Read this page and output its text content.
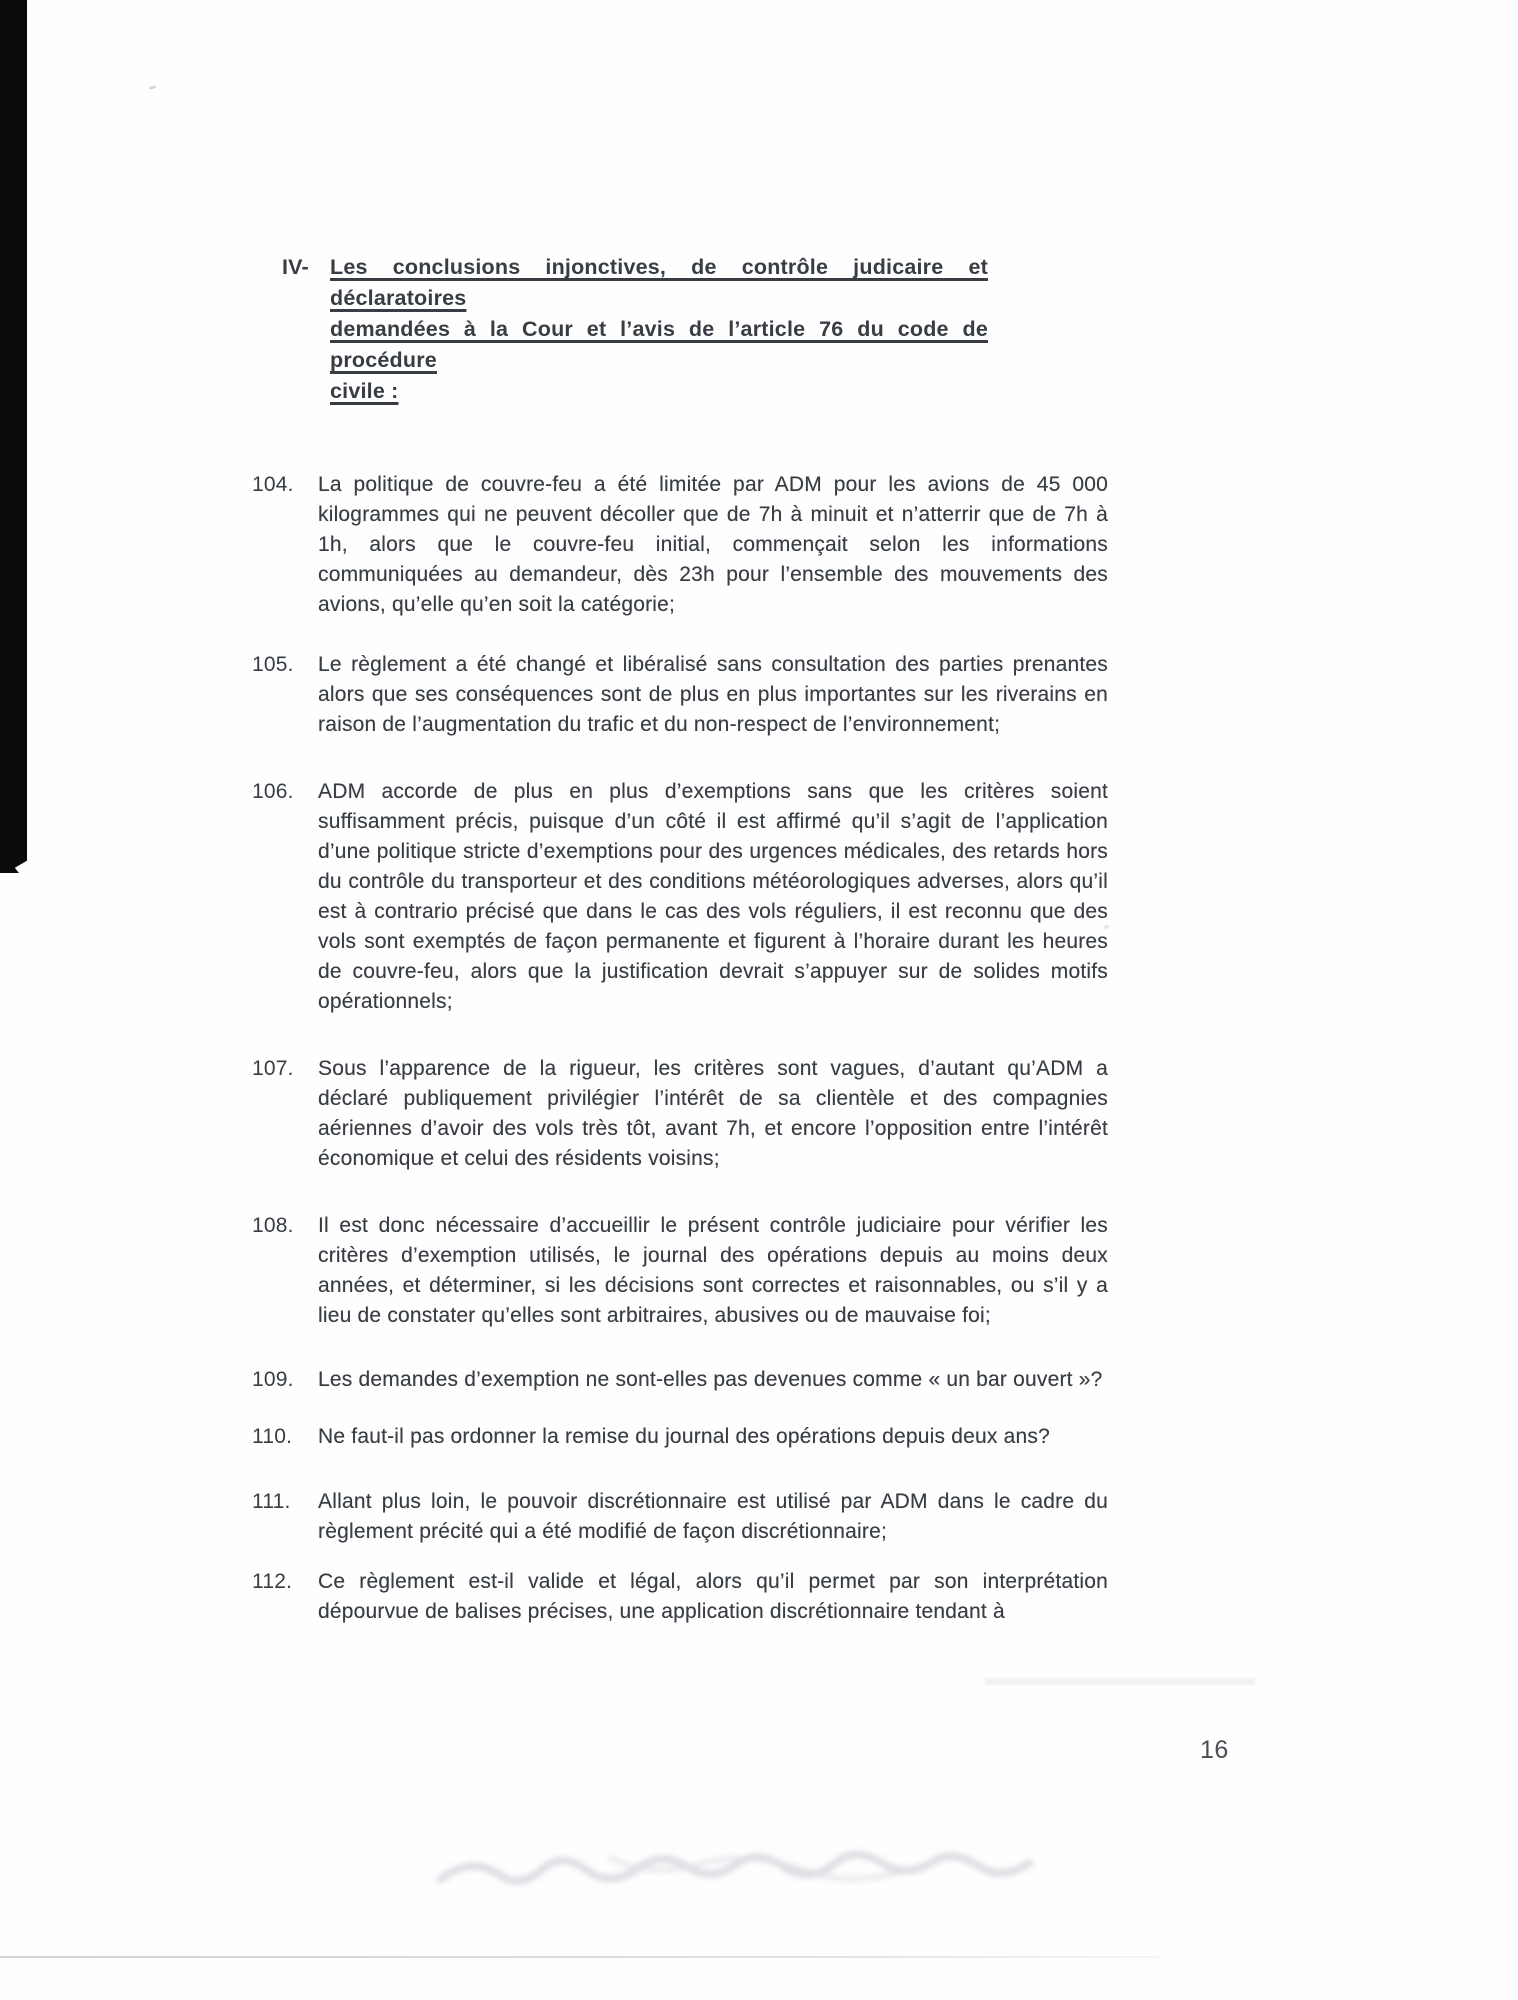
IV- Les conclusions injonctives, de contrôle judicaire et déclaratoires
demandées à la Cour et l’avis de l’article 76 du code de procédure
civile :
104.	La politique de couvre-feu a été limitée par ADM pour les avions de 45 000 kilogrammes qui ne peuvent décoller que de 7h à minuit et n’atterrir que de 7h à 1h, alors que le couvre-feu initial, commençait selon les informations communiquées au demandeur, dès 23h pour l’ensemble des mouvements des avions, qu’elle qu’en soit la catégorie;
105.	Le règlement a été changé et libéralisé sans consultation des parties prenantes alors que ses conséquences sont de plus en plus importantes sur les riverains en raison de l’augmentation du trafic et du non-respect de l’environnement;
106.	ADM accorde de plus en plus d’exemptions sans que les critères soient suffisamment précis, puisque d’un côté il est affirmé qu’il s’agit de l’application d’une politique stricte d’exemptions pour des urgences médicales, des retards hors du contrôle du transporteur et des conditions météorologiques adverses, alors qu’il est à contrario précisé que dans le cas des vols réguliers, il est reconnu que des vols sont exemptés de façon permanente et figurent à l’horaire durant les heures de couvre-feu, alors que la justification devrait s’appuyer sur de solides motifs opérationnels;
107.	Sous l’apparence de la rigueur, les critères sont vagues, d’autant qu’ADM a déclaré publiquement privilégier l’intérêt de sa clientèle et des compagnies aériennes d’avoir des vols très tôt, avant 7h, et encore l’opposition entre l’intérêt économique et celui des résidents voisins;
108.	Il est donc nécessaire d’accueillir le présent contrôle judiciaire pour vérifier les critères d’exemption utilisés, le journal des opérations depuis au moins deux années, et déterminer, si les décisions sont correctes et raisonnables, ou s’il y a lieu de constater qu’elles sont arbitraires, abusives ou de mauvaise foi;
109.	Les demandes d’exemption ne sont-elles pas devenues comme « un bar ouvert »?
110.	Ne faut-il pas ordonner la remise du journal des opérations depuis deux ans?
111.	Allant plus loin, le pouvoir discrétionnaire est utilisé par ADM dans le cadre du règlement précité qui a été modifié de façon discrétionnaire;
112.	Ce règlement est-il valide et légal, alors qu’il permet par son interprétation dépourvue de balises précises, une application discrétionnaire tendant à
16
